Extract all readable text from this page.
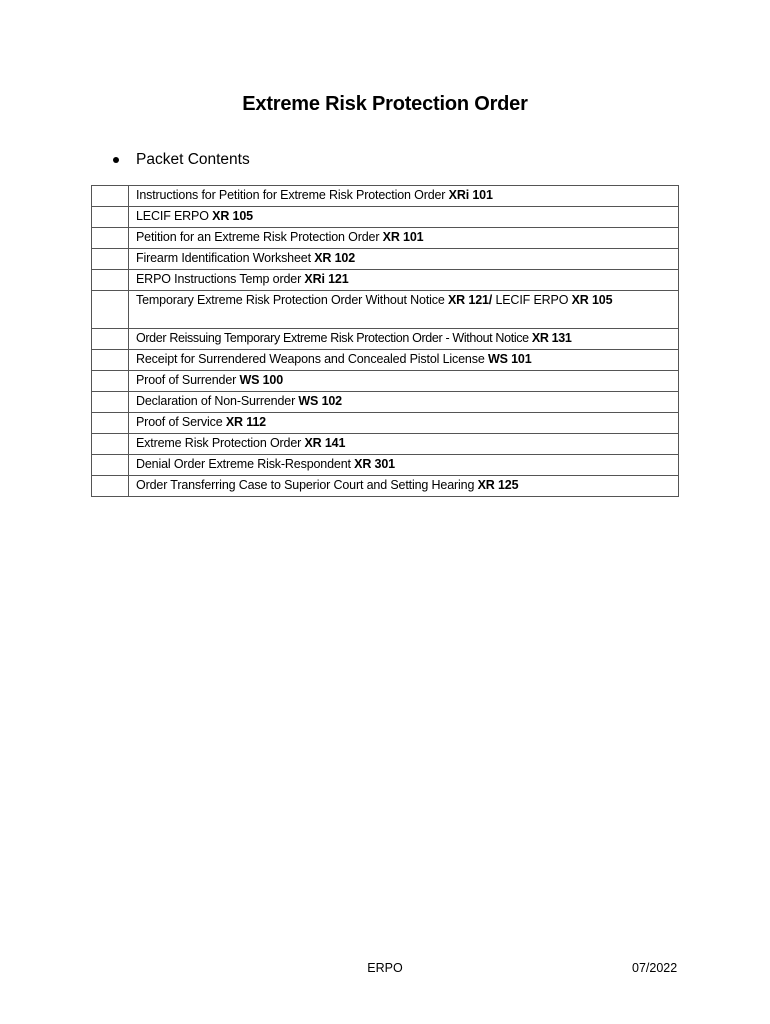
Extreme Risk Protection Order
Packet Contents
	Instructions for Petition for Extreme Risk Protection Order XRi 101
	LECIF ERPO XR 105
	Petition for an Extreme Risk Protection Order XR 101
	Firearm Identification Worksheet XR 102
	ERPO Instructions Temp order XRi 121
	Temporary Extreme Risk Protection Order Without Notice XR 121/ LECIF ERPO XR 105
	Order Reissuing Temporary Extreme Risk Protection Order - Without Notice XR 131
	Receipt for Surrendered Weapons and Concealed Pistol License WS 101
	Proof of Surrender WS 100
	Declaration of Non-Surrender WS 102
	Proof of Service XR 112
	Extreme Risk Protection Order XR 141
	Denial Order Extreme Risk-Respondent XR 301
	Order Transferring Case to Superior Court and Setting Hearing XR 125
ERPO	07/2022
